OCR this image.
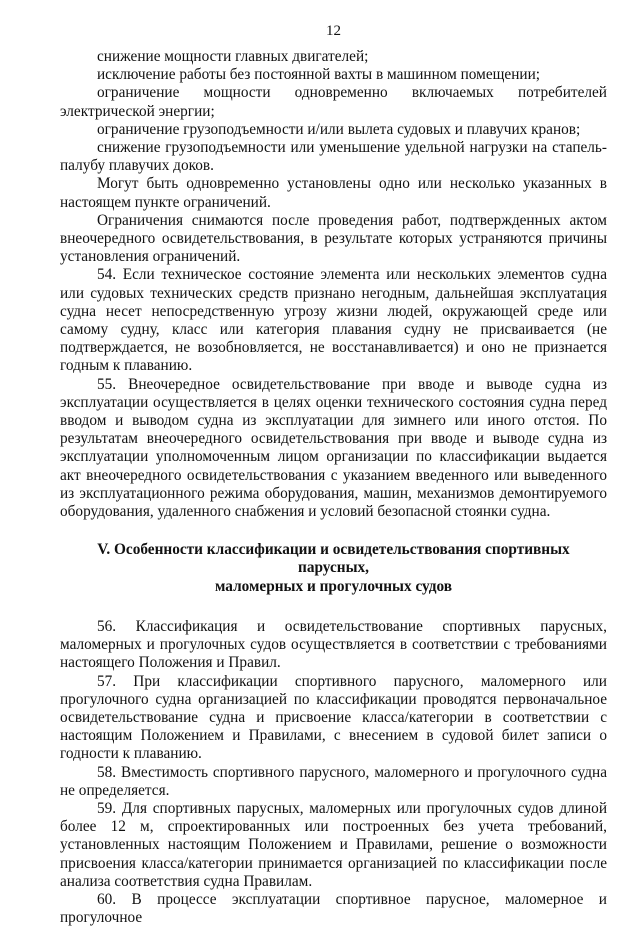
12

снижение мощности главных двигателей;

исключение работы без постоянной вахты в машинном помещении;

ограничение мощности одновременно включаемых потребителей электрической энергии;

ограничение грузоподъемности и/или вылета судовых и плавучих кранов;

снижение грузоподъемности или уменьшение удельной нагрузки на стапель-палубу плавучих доков.

Могут быть одновременно установлены одно или несколько указанных в настоящем пункте ограничений.

Ограничения снимаются после проведения работ, подтвержденных актом внеочередного освидетельствования, в результате которых устраняются причины установления ограничений.

54. Если техническое состояние элемента или нескольких элементов судна или судовых технических средств признано негодным, дальнейшая эксплуатация судна несет непосредственную угрозу жизни людей, окружающей среде или самому судну, класс или категория плавания судну не присваивается (не подтверждается, не возобновляется, не восстанавливается) и оно не признается годным к плаванию.

55. Внеочередное освидетельствование при вводе и выводе судна из эксплуатации осуществляется в целях оценки технического состояния судна перед вводом и выводом судна из эксплуатации для зимнего или иного отстоя. По результатам внеочередного освидетельствования при вводе и выводе судна из эксплуатации уполномоченным лицом организации по классификации выдается акт внеочередного освидетельствования с указанием введенного или выведенного из эксплуатационного режима оборудования, машин, механизмов демонтируемого оборудования, удаленного снабжения и условий безопасной стоянки судна.

V. Особенности классификации и освидетельствования спортивных парусных,
маломерных и прогулочных судов

56. Классификация и освидетельствование спортивных парусных, маломерных и прогулочных судов осуществляется в соответствии с требованиями настоящего Положения и Правил.

57. При классификации спортивного парусного, маломерного или прогулочного судна организацией по классификации проводятся первоначальное освидетельствование судна и присвоение класса/категории в соответствии с настоящим Положением и Правилами, с внесением в судовой билет записи о годности к плаванию.

58. Вместимость спортивного парусного, маломерного и прогулочного судна не определяется.

59. Для спортивных парусных, маломерных или прогулочных судов длиной более 12 м, спроектированных или построенных без учета требований, установленных настоящим Положением и Правилами, решение о возможности присвоения класса/категории принимается организацией по классификации после анализа соответствия судна Правилам.

60. В процессе эксплуатации спортивное парусное, маломерное и прогулочное
